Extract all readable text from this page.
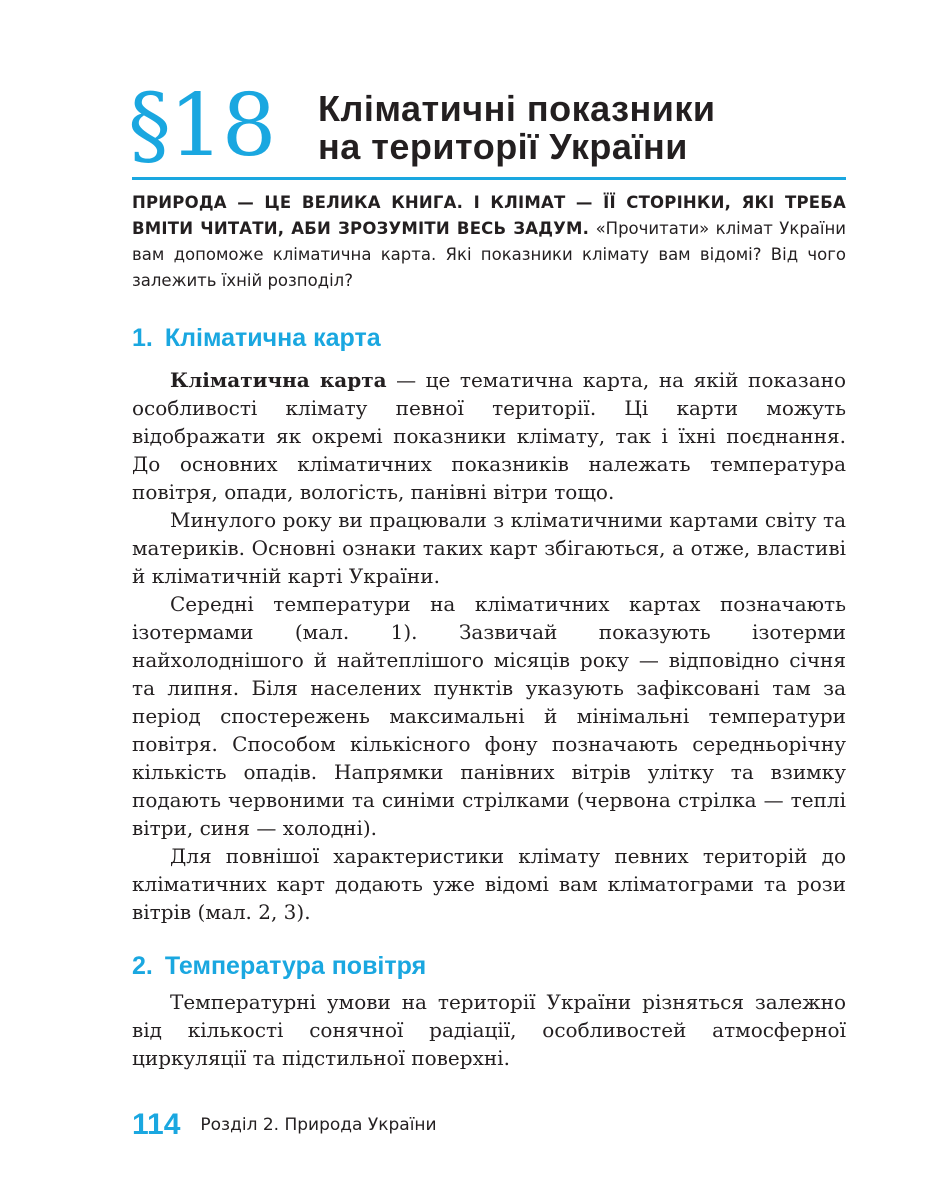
§18 Кліматичні показники
на території України
ПРИРОДА — ЦЕ ВЕЛИКА КНИГА. І КЛІМАТ — ЇЇ СТОРІНКИ, ЯКІ ТРЕБА ВМІТИ ЧИТАТИ, АБИ ЗРОЗУМІТИ ВЕСЬ ЗАДУМ. «Прочитати» клімат України вам допоможе кліматична карта. Які показники клімату вам відомі? Від чого залежить їхній розподіл?
1. Кліматична карта

Кліматична карта — це тематична карта, на якій показано особливості клімату певної території. Ці карти можуть відображати як окремі показники клімату, так і їхні поєднання. До основних кліматичних показників належать температура повітря, опади, вологість, панівні вітри тощо.

Минулого року ви працювали з кліматичними картами світу та материків. Основні ознаки таких карт збігаються, а отже, властиві й кліматичній карті України.

Середні температури на кліматичних картах позначають ізотермами (мал. 1). Зазвичай показують ізотерми найхолоднішого й найтеплішого місяців року — відповідно січня та липня. Біля населених пунктів указують зафіксовані там за період спостережень максимальні й мінімальні температури повітря. Способом кількісного фону позначають середньорічну кількість опадів. Напрямки панівних вітрів улітку та взимку подають червоними та синіми стрілками (червона стрілка — теплі вітри, синя — холодні).

Для повнішої характеристики клімату певних територій до кліматичних карт додають уже відомі вам кліматограми та рози вітрів (мал. 2, 3).

2. Температура повітря

Температурні умови на території України різняться залежно від кількості сонячної радіації, особливостей атмосферної циркуляції та підстильної поверхні.

114 Розділ 2. Природа України
